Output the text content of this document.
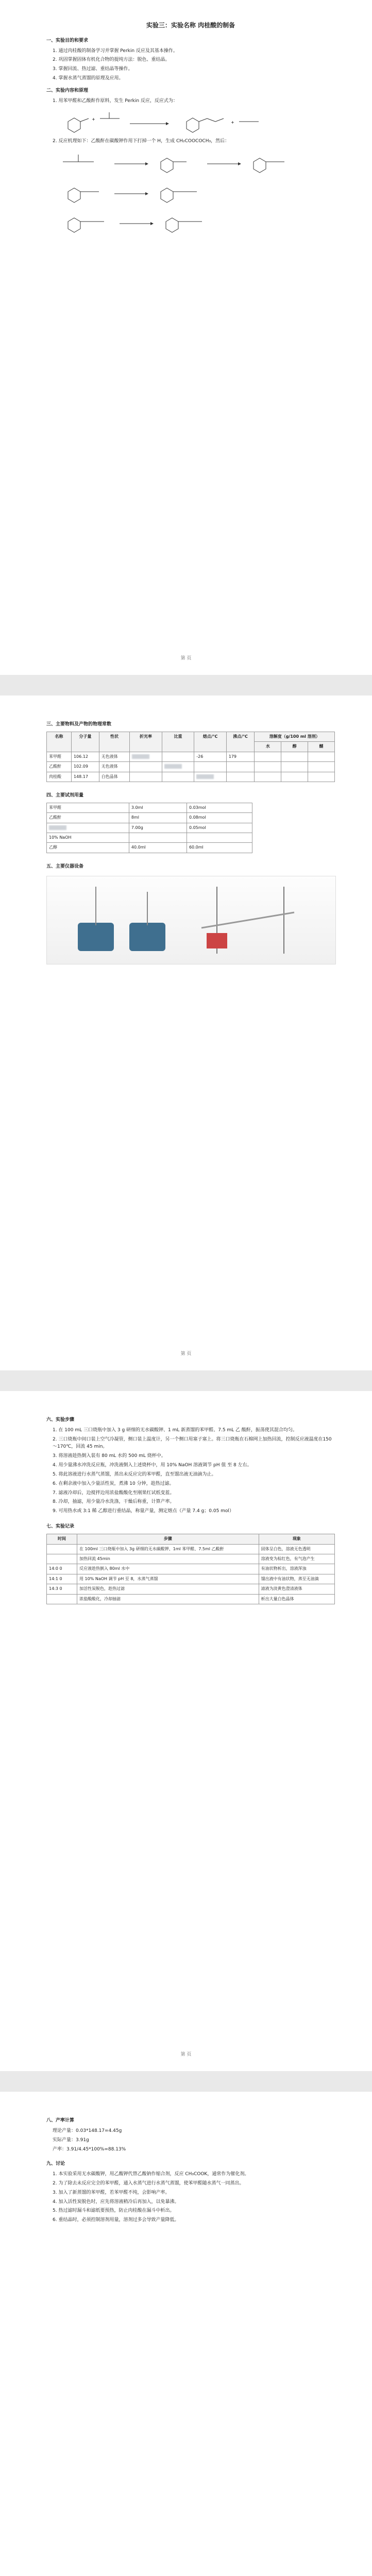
实验三：实验名称 肉桂酸的制备
一、实验目的和要求
1. 通过肉桂酸的制备学习并掌握 Perkin 反应及其基本操作。
2. 巩固掌握固体有机化合物的提纯方法：脱色、重结晶。
3. 掌握回流、热过滤、重结晶等操作。
4. 掌握水蒸气蒸馏的原理及应用。
二、实验内容和原理
1. 用苯甲醛和乙酸酐作原料，发生 Perkin 反应，反应式为：
+
+
2. 反应机理如下：乙酸酐在碳酸钾作用下打掉一个 H，生成 CH₂COOCOCH₃，然后：
第 页
三、主要物料及产物的物理常数
名称	分子量	性状	折光率	比重	熔点/℃	沸点/℃	溶解度（g/100 ml 溶剂）		
							水	醇	醚
苯甲醛	106.12	无色液体			-26	179			
乙酸酐	102.09	无色液体							
肉桂酸	148.17	白色晶体							
四、主要试剂用量
苯甲醛	3.0ml	0.03mol
乙酸酐	8ml	0.08mol
	7.00g	0.05mol
10% NaOH		
乙醇	40.0ml	60.0ml
五、主要仪器设备
第 页
六、实验步骤
1. 在 100 mL 三口烧瓶中加入 3 g 研细的无水碳酸钾、1 mL 新蒸馏的苯甲醛、7.5 mL 乙 酸酐，振荡使其混合均匀。
2. 三口烧瓶中间口装上空气冷凝管，侧口装上温度计，另一个侧口用塞子塞上。将三口烧瓶在石棉网上加热回流，控制反应液温度在150～170℃，回流 45 min。
3. 将溶液趁热倒入装有 80 mL 水的 500 mL 烧杯中。
4. 用少量沸水冲洗反应瓶，冲洗液倒入上述烧杯中，用 10% NaOH 溶液调节 pH 值 至 8 左右。
5. 将此溶液进行水蒸气蒸馏，蒸出未反应完的苯甲醛，直至馏出液无油滴为止。
6. 在剩余液中加入少量活性炭，煮沸 10 分钟，趁热过滤。
7. 滤液冷却后，边搅拌边用浓盐酸酸化至刚果红试纸变蓝。
8. 冷却，抽滤，用少量冷水洗涤，干燥后称重，计算产率。
9. 可用热水或 3:1 稀 乙醇进行重结晶，称量产量，测定熔点（产量 7.4 g；0.05 mol）
七、实验记录
时间	步骤	现象
	在 100ml 三口烧瓶中加入 3g 研细的无水碳酸钾、1ml 苯甲醛、7.5ml 乙酸酐	固体呈白色，溶液无色透明
	加热回流 45min	溶液变为棕红色，有气泡产生
14:0 0	反应液趁热倒入 80ml 水中	有油状物析出，溶液浑浊
14:1 0	用 10% NaOH 调节 pH 至 8，水蒸气蒸馏	馏出液中有油状物，蒸至无油滴
14:3 0	加活性炭脱色，趁热过滤	滤液为淡黄色澄清液体
	浓盐酸酸化，冷却抽滤	析出大量白色晶体
第 页
八、产率计算
理论产量：0.03*148.17=4.45g
实际产量：3.91g
产率：3.91/4.45*100%=88.13%
九、讨论
1. 本实验采用无水碳酸钾，用乙酸钾代替乙酸钠作缩合剂，反应 CH₃COOK，通常作为催化剂。
2. 为了除去未反应完全的苯甲醛，通入水蒸气进行水蒸气蒸馏，使苯甲醛随水蒸气一同蒸出。
3. 加入了新蒸馏的苯甲醛，若苯甲醛不纯，会影响产率。
4. 加入活性炭脱色时，应先将溶液稍冷后再加入，以免暴沸。
5. 热过滤时漏斗和滤纸要预热，防止肉桂酸在漏斗中析出。
6. 重结晶时，必须控制溶剂用量，溶剂过多会导致产量降低。
